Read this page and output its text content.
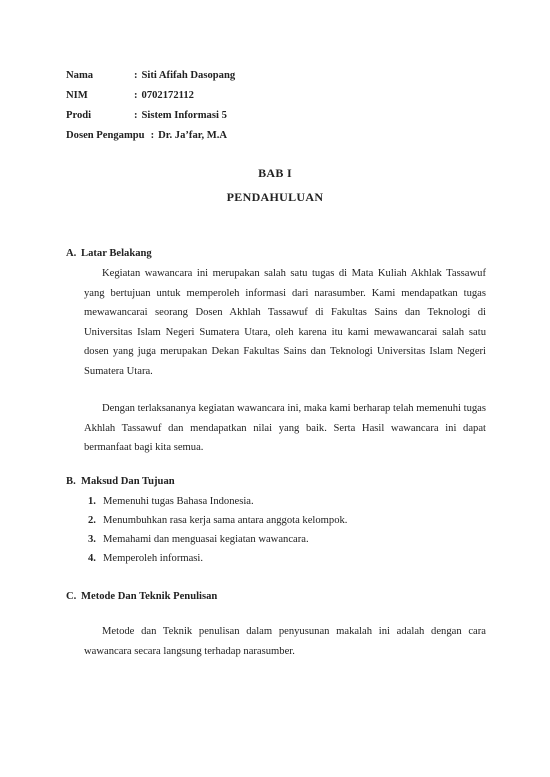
Nama	: Siti Afifah Dasopang
NIM	: 0702172112
Prodi	: Sistem Informasi 5
Dosen Pengampu : Dr. Ja’far, M.A
BAB I
PENDAHULUAN
A. Latar Belakang

Kegiatan wawancara ini merupakan salah satu tugas di Mata Kuliah Akhlak Tassawuf yang bertujuan untuk memperoleh informasi dari narasumber. Kami mendapatkan tugas mewawancarai seorang Dosen Akhlah Tassawuf di Fakultas Sains dan Teknologi di Universitas Islam Negeri Sumatera Utara, oleh karena itu kami mewawancarai salah satu dosen yang juga merupakan Dekan Fakultas Sains dan Teknologi Universitas Islam Negeri Sumatera Utara.

Dengan terlaksananya kegiatan wawancara ini, maka kami berharap telah memenuhi tugas Akhlah Tassawuf dan mendapatkan nilai yang baik. Serta Hasil wawancara ini dapat bermanfaat bagi kita semua.

B. Maksud Dan Tujuan
1. Memenuhi tugas Bahasa Indonesia.
2. Menumbuhkan rasa kerja sama antara anggota kelompok.
3. Memahami dan menguasai kegiatan wawancara.
4. Memperoleh informasi.
C. Metode Dan Teknik Penulisan

Metode dan Teknik penulisan dalam penyusunan makalah ini adalah dengan cara wawancara secara langsung terhadap narasumber.
